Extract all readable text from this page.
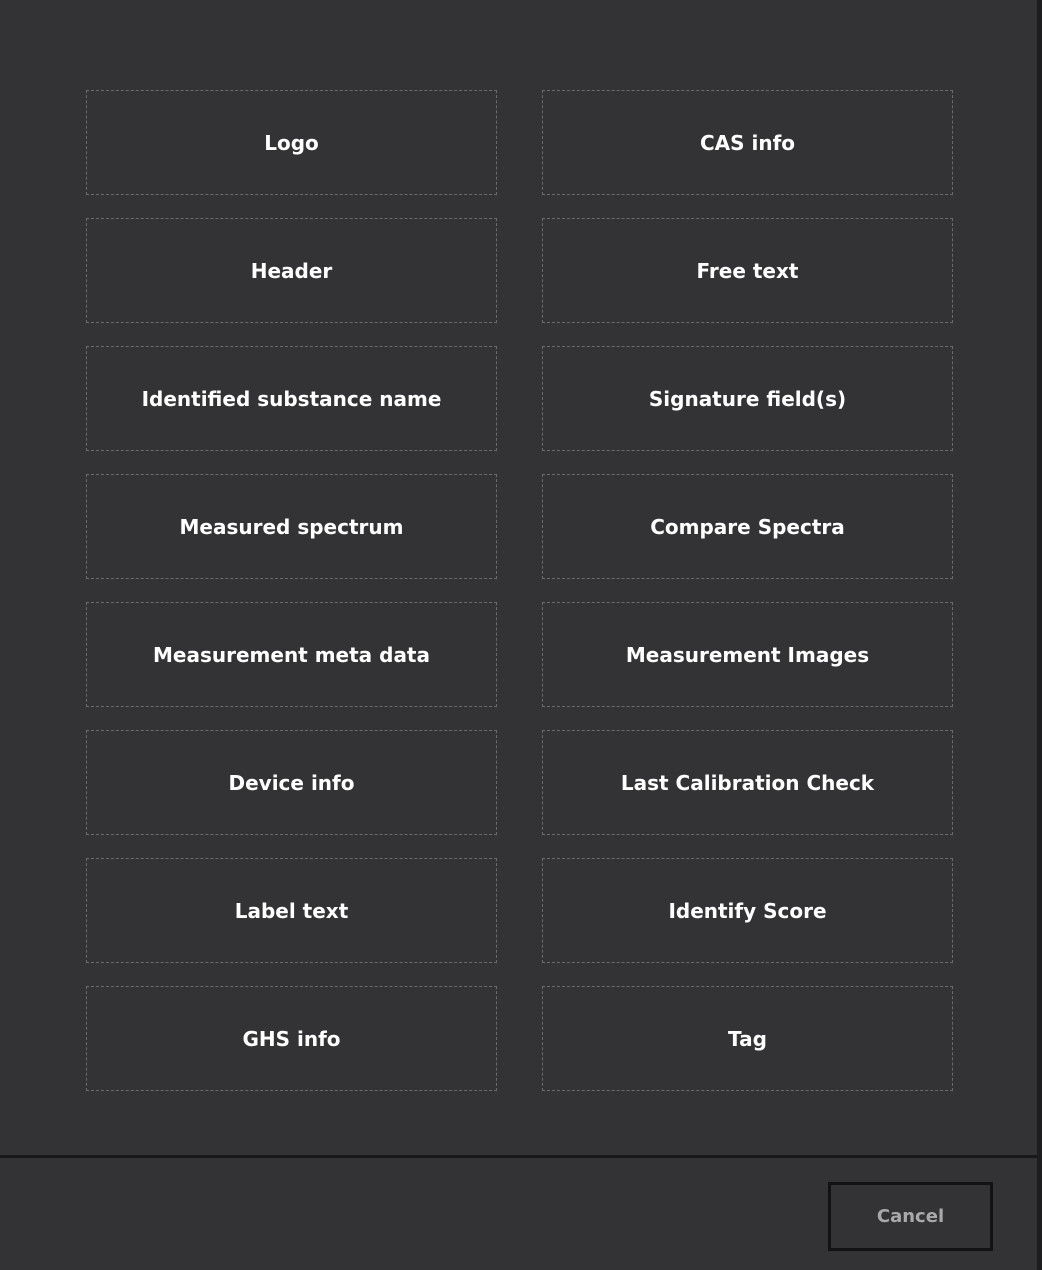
Logo	CAS info
Header	Free text
Identified substance name	Signature field(s)
Measured spectrum	Compare Spectra
Measurement meta data	Measurement Images
Device info	Last Calibration Check
Label text	Identify Score
GHS info	Tag
Cancel
